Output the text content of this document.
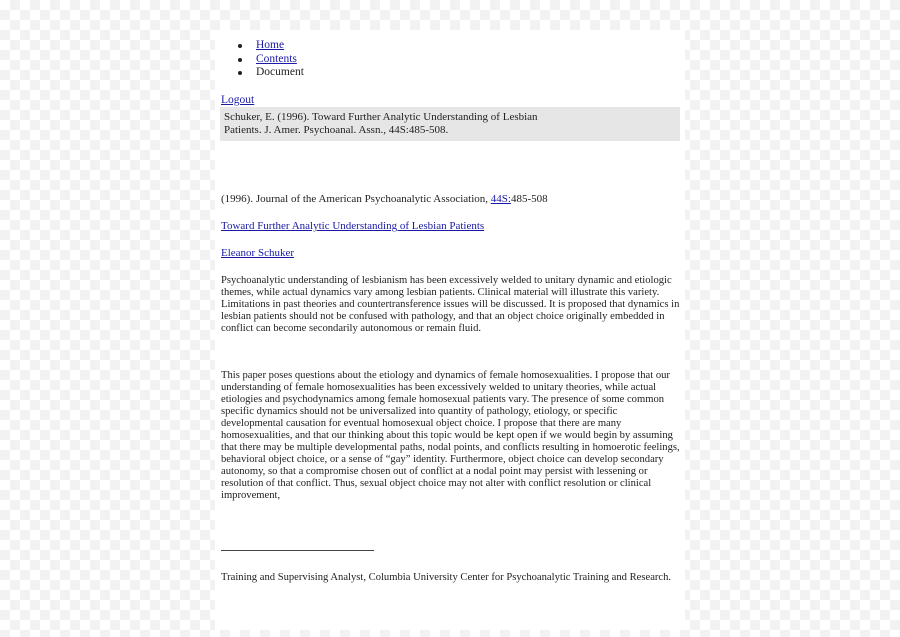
Home
Contents
Document
Logout
Schuker, E. (1996). Toward Further Analytic Understanding of Lesbian Patients. J. Amer. Psychoanal. Assn., 44S:485-508.
(1996). Journal of the American Psychoanalytic Association, 44S:485-508
Toward Further Analytic Understanding of Lesbian Patients
Eleanor Schuker

Psychoanalytic understanding of lesbianism has been excessively welded to unitary dynamic and etiologic themes, while actual dynamics vary among lesbian patients. Clinical material will illustrate this variety. Limitations in past theories and countertransference issues will be discussed. It is proposed that dynamics in lesbian patients should not be confused with pathology, and that an object choice originally embedded in conflict can become secondarily autonomous or remain fluid.

This paper poses questions about the etiology and dynamics of female homosexualities. I propose that our understanding of female homosexualities has been excessively welded to unitary theories, while actual etiologies and psychodynamics among female homosexual patients vary. The presence of some common specific dynamics should not be universalized into quantity of pathology, etiology, or specific developmental causation for eventual homosexual object choice. I propose that there are many homosexualities, and that our thinking about this topic would be kept open if we would begin by assuming that there may be multiple developmental paths, nodal points, and conflicts resulting in homoerotic feelings, behavioral object choice, or a sense of “gay” identity. Furthermore, object choice can develop secondary autonomy, so that a compromise chosen out of conflict at a nodal point may persist with lessening or resolution of that conflict. Thus, sexual object choice may not alter with conflict resolution or clinical improvement,

Training and Supervising Analyst, Columbia University Center for Psychoanalytic Training and Research.
